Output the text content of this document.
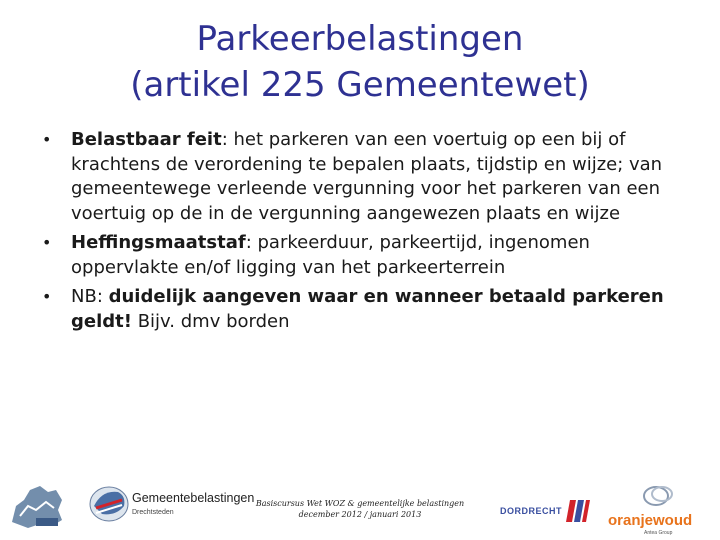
Parkeerbelastingen
(artikel 225 Gemeentewet)
• Belastbaar feit: het parkeren van een voertuig op een bij of krachtens de verordening te bepalen plaats, tijdstip en wijze; van gemeentewege verleende vergunning voor het parkeren van een voertuig op de in de vergunning aangewezen plaats en wijze
• Heffingsmaatstaf: parkeerduur, parkeertijd, ingenomen oppervlakte en/of ligging van het parkeerterrein
• NB: duidelijk aangeven waar en wanneer betaald parkeren geldt! Bijv. dmv borden
Gemeentebelastingen
Drechtsteden
Basiscursus Wet WOZ & gemeentelijke belastingen
december 2012 / januari 2013	DORDRECHT
oranjewoud
Antea Group
